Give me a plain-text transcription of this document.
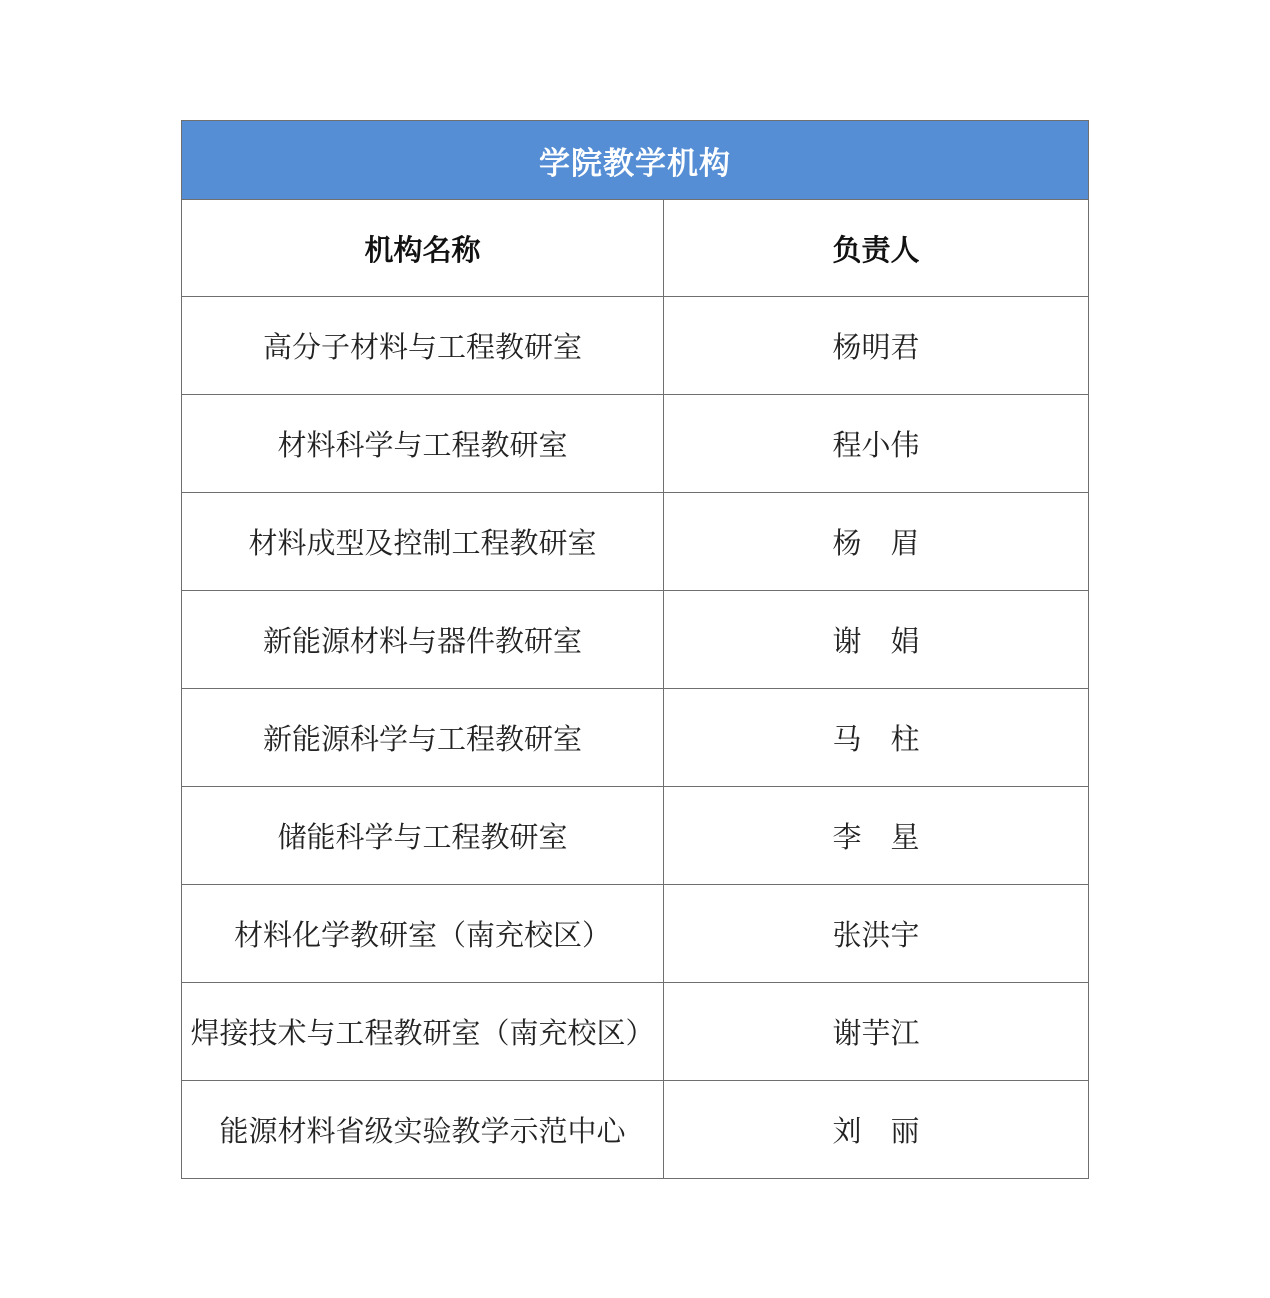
学院教学机构	
机构名称	负责人
高分子材料与工程教研室	杨明君
材料科学与工程教研室	程小伟
材料成型及控制工程教研室	杨　眉
新能源材料与器件教研室	谢　娟
新能源科学与工程教研室	马　柱
储能科学与工程教研室	李　星
材料化学教研室（南充校区）	张洪宇
焊接技术与工程教研室（南充校区）	谢芋江
能源材料省级实验教学示范中心	刘　丽
